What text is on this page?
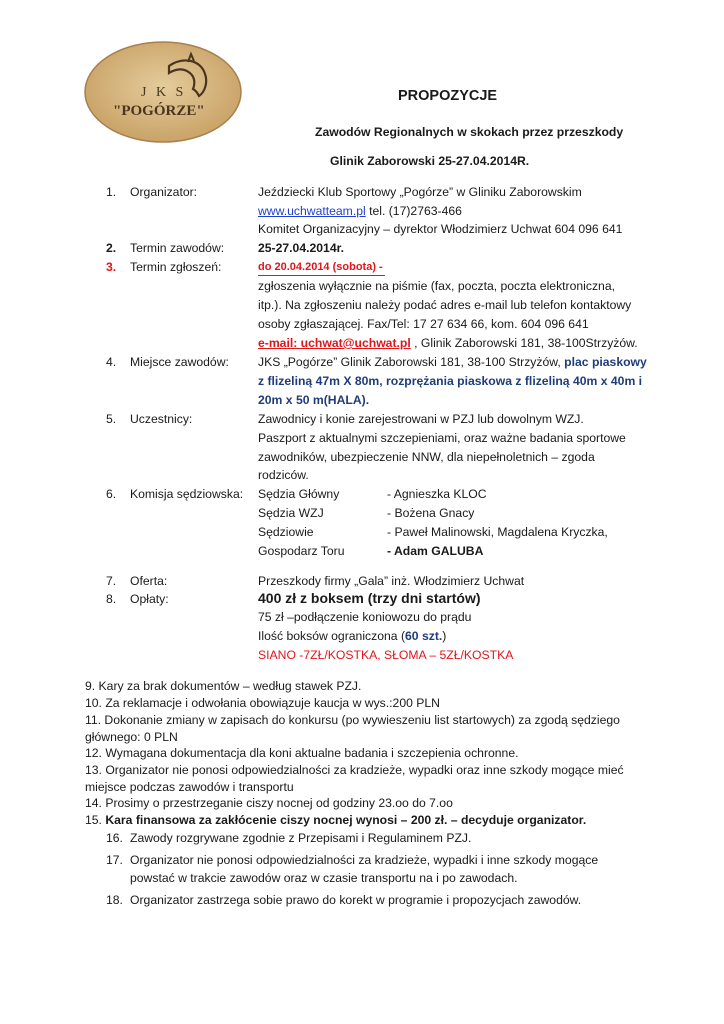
J K S
"POGÓRZE"
PROPOZYCJE
Zawodów Regionalnych w skokach przez przeszkody
Glinik Zaborowski 25-27.04.2014R.
1. Organizator:	Jeździecki Klub Sportowy „Pogórze” w Gliniku Zaborowskim
www.uchwatteam.pl tel. (17)2763-466
Komitet Organizacyjny – dyrektor Włodzimierz Uchwat 604 096 641
2. Termin zawodów:	25-27.04.2014r.
3. Termin zgłoszeń:	do 20.04.2014 (sobota) -
zgłoszenia wyłącznie na piśmie (fax, poczta, poczta elektroniczna,
itp.). Na zgłoszeniu należy podać adres e-mail lub telefon kontaktowy
osoby zgłaszającej. Fax/Tel: 17 27 634 66, kom. 604 096 641
e-mail: uchwat@uchwat.pl , Glinik Zaborowski 181, 38-100Strzyżów.
4. Miejsce zawodów: JKS „Pogórze” Glinik Zaborowski 181, 38-100 Strzyżów, plac piaskowy
z flizeliną 47m X 80m, rozprężania piaskowa z flizeliną 40m x 40m i
20m x 50 m(HALA).
5. Uczestnicy:	Zawodnicy i konie zarejestrowani w PZJ lub dowolnym WZJ.
Paszport z aktualnymi szczepieniami, oraz ważne badania sportowe
zawodników, ubezpieczenie NNW, dla niepełnoletnich – zgoda
rodziców.
6. Komisja sędziowska: Sędzia Główny	- Agnieszka KLOC
Sędzia WZJ	- Bożena Gnacy
Sędziowie	- Paweł Malinowski, Magdalena Kryczka,
Gospodarz Toru	- Adam GALUBA
7. Oferta:	Przeszkody firmy „Gala” inż. Włodzimierz Uchwat
8. Opłaty:	400 zł z boksem (trzy dni startów)
75 zł –podłączenie koniowozu do prądu
Ilość boksów ograniczona (60 szt.)
SIANO -7ZŁ/KOSTKA, SŁOMA – 5ZŁ/KOSTKA
9. Kary za brak dokumentów – według stawek PZJ.
10. Za reklamacje i odwołania obowiązuje kaucja w wys.:200 PLN
11. Dokonanie zmiany w zapisach do konkursu (po wywieszeniu list startowych) za zgodą sędziego
głównego: 0 PLN
12. Wymagana dokumentacja dla koni aktualne badania i szczepienia ochronne.
13. Organizator nie ponosi odpowiedzialności za kradzieże, wypadki oraz inne szkody mogące mieć
miejsce podczas zawodów i transportu
14. Prosimy o przestrzeganie ciszy nocnej od godziny 23.oo do 7.oo
15. Kara finansowa za zakłócenie ciszy nocnej wynosi – 200 zł. – decyduje organizator.
16. Zawody rozgrywane zgodnie z Przepisami i Regulaminem PZJ.
17. Organizator nie ponosi odpowiedzialności za kradzieże, wypadki i inne szkody mogące
powstać w trakcie zawodów oraz w czasie transportu na i po zawodach.
18. Organizator zastrzega sobie prawo do korekt w programie i propozycjach zawodów.
